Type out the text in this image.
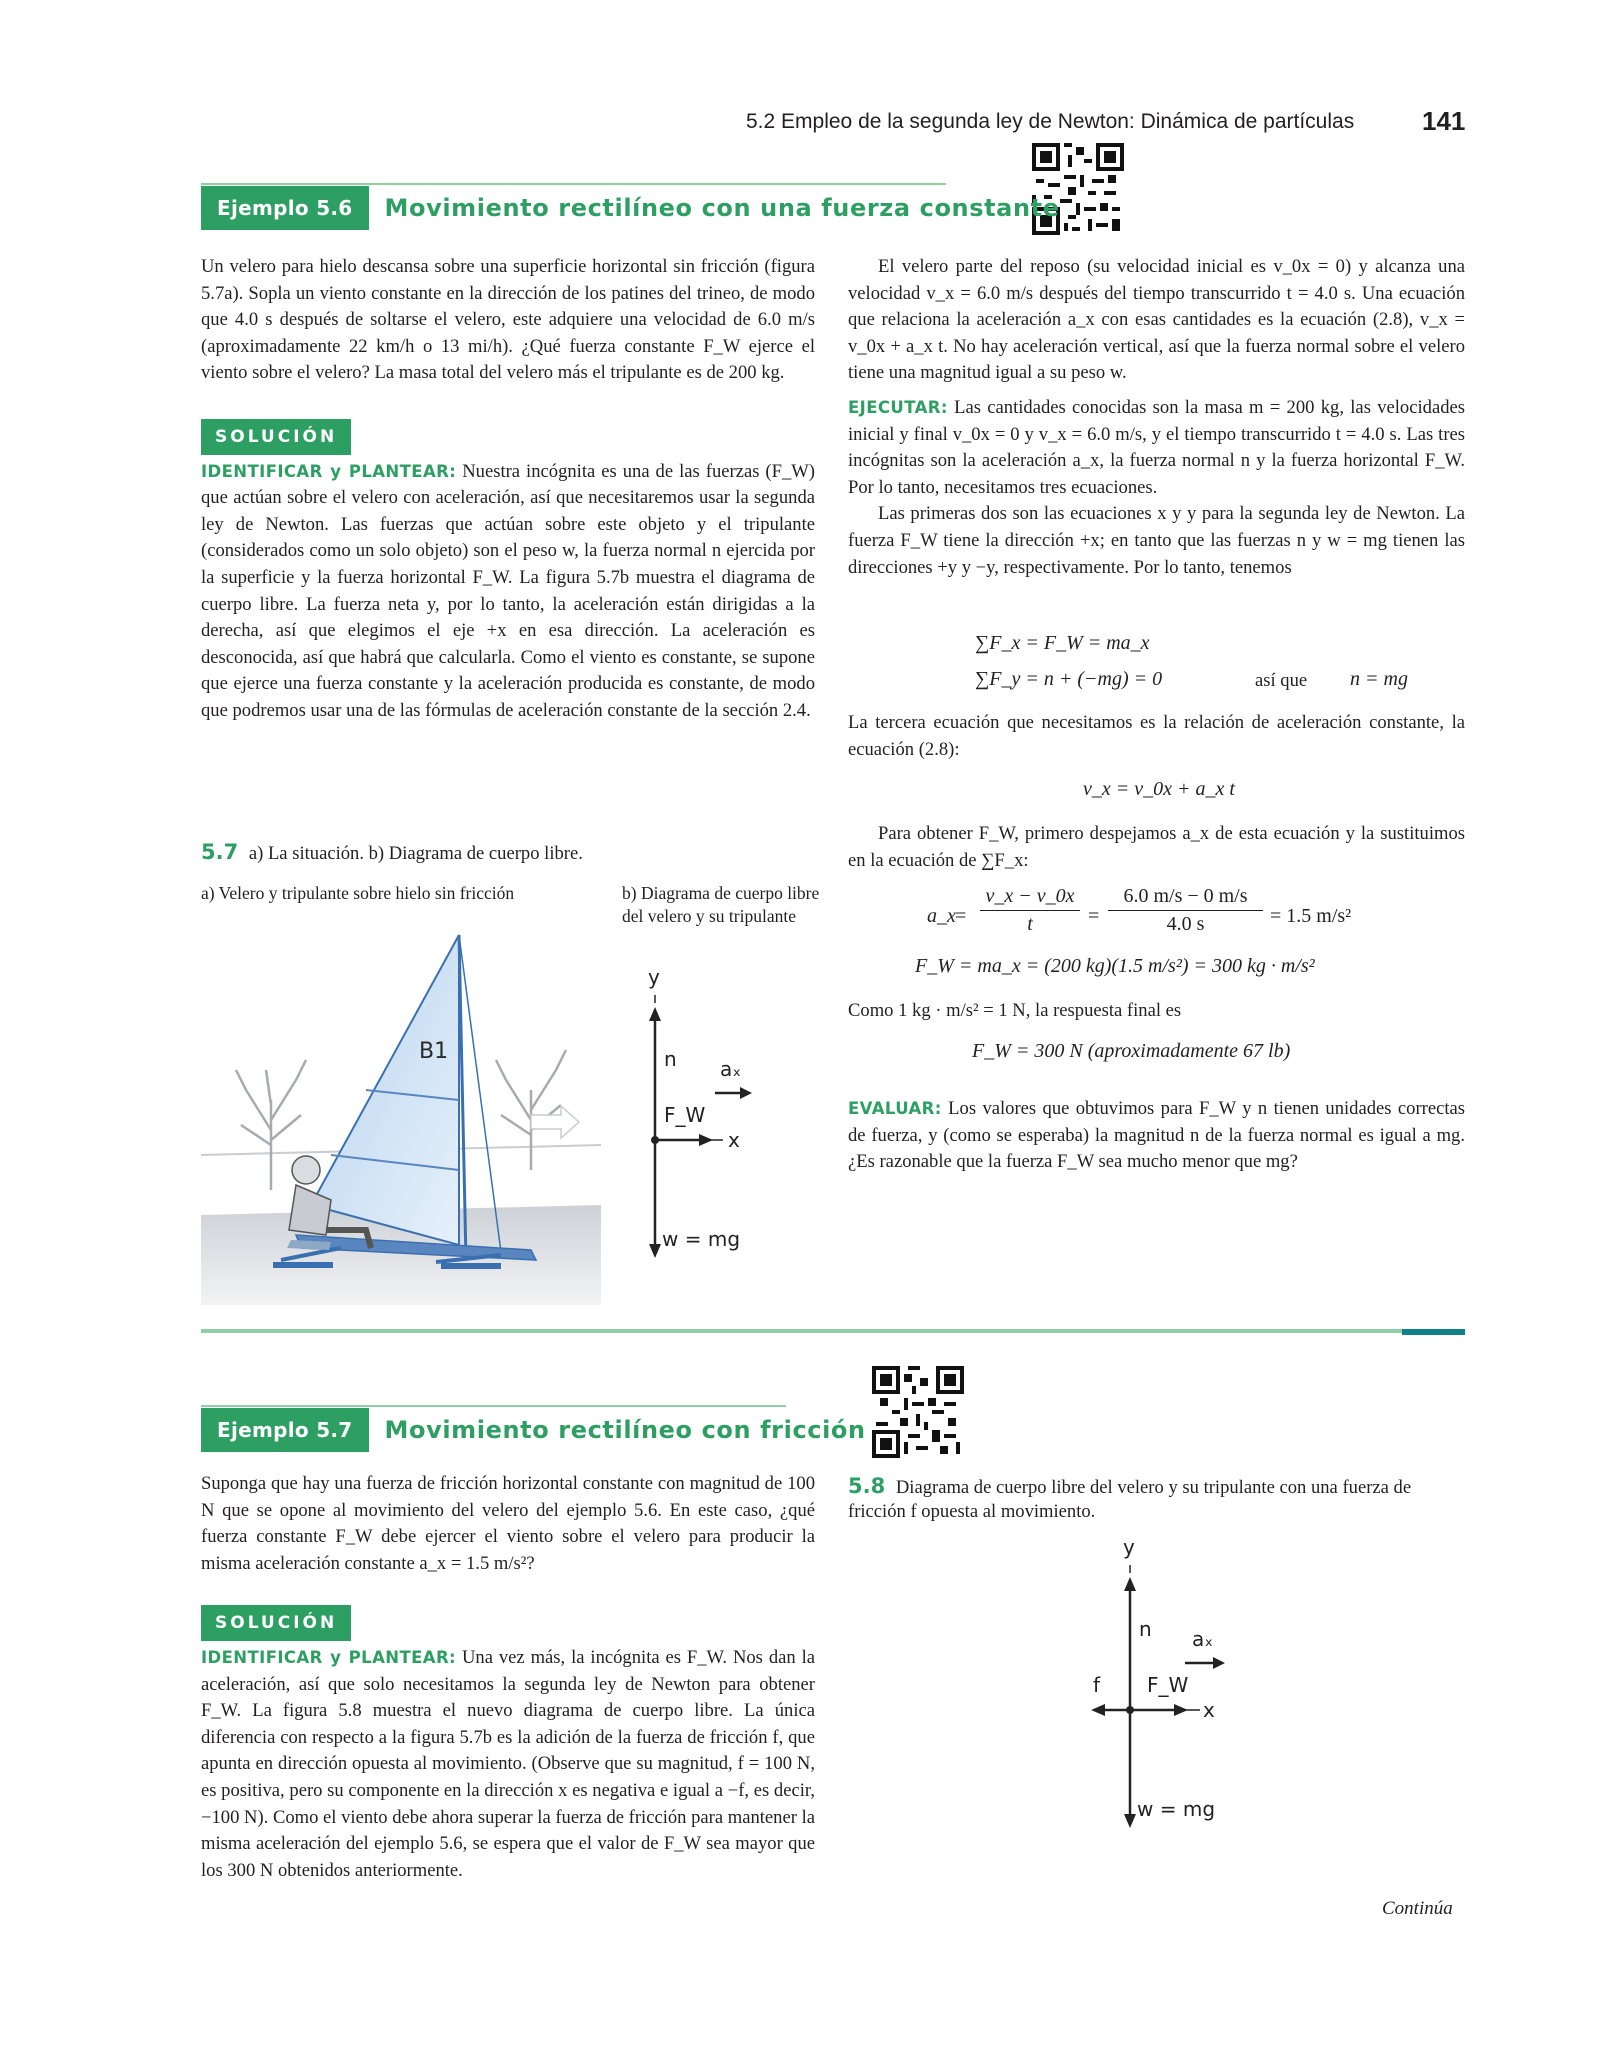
5.2 Empleo de la segunda ley de Newton: Dinámica de partículas	141
Ejemplo 5.6	Movimiento rectilíneo con una fuerza constante

Un velero para hielo descansa sobre una superficie horizontal sin fricción (figura 5.7a). Sopla un viento constante en la dirección de los patines del trineo, de modo que 4.0 s después de soltarse el velero, este adquiere una velocidad de 6.0 m/s (aproximadamente 22 km/h o 13 mi/h). ¿Qué fuerza constante F_W ejerce el viento sobre el velero? La masa total del velero más el tripulante es de 200 kg.

SOLUCIÓN

IDENTIFICAR y PLANTEAR: Nuestra incógnita es una de las fuerzas (F_W) que actúan sobre el velero con aceleración, así que necesitaremos usar la segunda ley de Newton. Las fuerzas que actúan sobre este objeto y el tripulante (considerados como un solo objeto) son el peso w, la fuerza normal n ejercida por la superficie y la fuerza horizontal F_W. La figura 5.7b muestra el diagrama de cuerpo libre. La fuerza neta y, por lo tanto, la aceleración están dirigidas a la derecha, así que elegimos el eje +x en esa dirección. La aceleración es desconocida, así que habrá que calcularla. Como el viento es constante, se supone que ejerce una fuerza constante y la aceleración producida es constante, de modo que podremos usar una de las fórmulas de aceleración constante de la sección 2.4.

5.7 a) La situación. b) Diagrama de cuerpo libre.
a) Velero y tripulante sobre hielo sin fricción	b) Diagrama de cuerpo libre del velero y su tripulante
B1
y
n aₓ
F_W
x
w = mg

El velero parte del reposo (su velocidad inicial es v_0x = 0) y alcanza una velocidad v_x = 6.0 m/s después del tiempo transcurrido t = 4.0 s. Una ecuación que relaciona la aceleración a_x con esas cantidades es la ecuación (2.8), v_x = v_0x + a_x t. No hay aceleración vertical, así que la fuerza normal sobre el velero tiene una magnitud igual a su peso w.

EJECUTAR: Las cantidades conocidas son la masa m = 200 kg, las velocidades inicial y final v_0x = 0 y v_x = 6.0 m/s, y el tiempo transcurrido t = 4.0 s. Las tres incógnitas son la aceleración a_x, la fuerza normal n y la fuerza horizontal F_W. Por lo tanto, necesitamos tres ecuaciones.

Las primeras dos son las ecuaciones x y y para la segunda ley de Newton. La fuerza F_W tiene la dirección +x; en tanto que las fuerzas n y w = mg tienen las direcciones +y y −y, respectivamente. Por lo tanto, tenemos

∑F_x = F_W = ma_x
∑F_y = n + (−mg) = 0	así que n = mg
La tercera ecuación que necesitamos es la relación de aceleración constante, la ecuación (2.8):
v_x = v_0x + a_x t
Para obtener F_W, primero despejamos a_x de esta ecuación y la sustituimos en la ecuación de ∑F_x:
a_x =
v_x − v_0x
t	=
6.0 m/s − 0 m/s
4.0 s	= 1.5 m/s²
F_W = ma_x = (200 kg)(1.5 m/s²) = 300 kg · m/s²
Como 1 kg · m/s² = 1 N, la respuesta final es
F_W = 300 N (aproximadamente 67 lb)
EVALUAR: Los valores que obtuvimos para F_W y n tienen unidades correctas de fuerza, y (como se esperaba) la magnitud n de la fuerza normal es igual a mg. ¿Es razonable que la fuerza F_W sea mucho menor que mg?
Ejemplo 5.7	Movimiento rectilíneo con fricción

Suponga que hay una fuerza de fricción horizontal constante con magnitud de 100 N que se opone al movimiento del velero del ejemplo 5.6. En este caso, ¿qué fuerza constante F_W debe ejercer el viento sobre el velero para producir la misma aceleración constante a_x = 1.5 m/s²?

SOLUCIÓN

IDENTIFICAR y PLANTEAR: Una vez más, la incógnita es F_W. Nos dan la aceleración, así que solo necesitamos la segunda ley de Newton para obtener F_W. La figura 5.8 muestra el nuevo diagrama de cuerpo libre. La única diferencia con respecto a la figura 5.7b es la adición de la fuerza de fricción f, que apunta en dirección opuesta al movimiento. (Observe que su magnitud, f = 100 N, es positiva, pero su componente en la dirección x es negativa e igual a −f, es decir, −100 N). Como el viento debe ahora superar la fuerza de fricción para mantener la misma aceleración del ejemplo 5.6, se espera que el valor de F_W sea mayor que los 300 N obtenidos anteriormente.

5.8 Diagrama de cuerpo libre del velero y su tripulante con una fuerza de fricción f opuesta al movimiento.
y
n aₓ
f F_W
x
w = mg
Continúa
